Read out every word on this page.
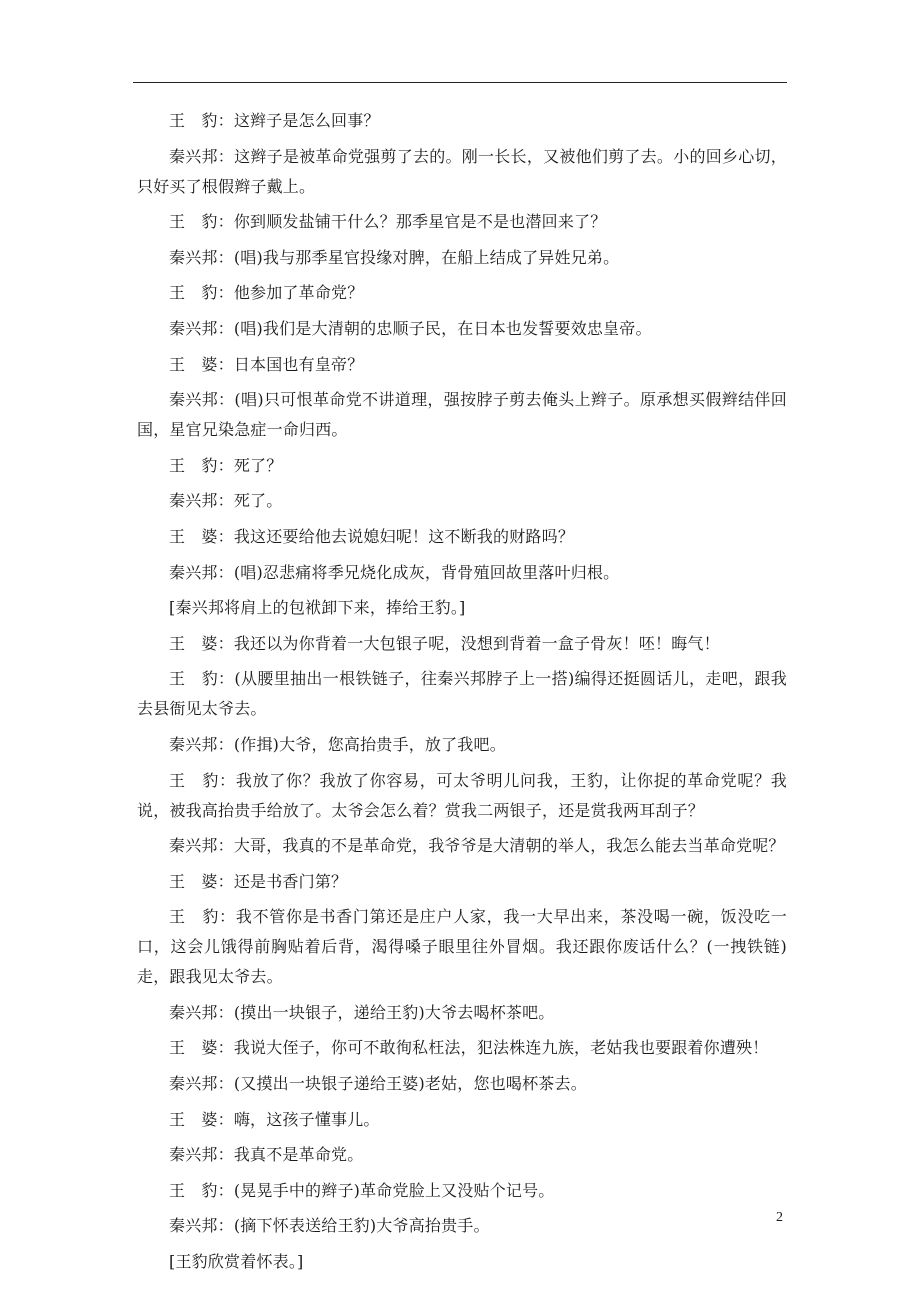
王　豹：这辫子是怎么回事？

秦兴邦：这辫子是被革命党强剪了去的。刚一长长，又被他们剪了去。小的回乡心切，只好买了根假辫子戴上。

王　豹：你到顺发盐铺干什么？那季星官是不是也潜回来了？

秦兴邦：(唱)我与那季星官投缘对脾，在船上结成了异姓兄弟。

王　豹：他参加了革命党？

秦兴邦：(唱)我们是大清朝的忠顺子民，在日本也发誓要效忠皇帝。

王　婆：日本国也有皇帝？

秦兴邦：(唱)只可恨革命党不讲道理，强按脖子剪去俺头上辫子。原承想买假辫结伴回国，星官兄染急症一命归西。

王　豹：死了？

秦兴邦：死了。

王　婆：我这还要给他去说媳妇呢！这不断我的财路吗？

秦兴邦：(唱)忍悲痛将季兄烧化成灰，背骨殖回故里落叶归根。

[秦兴邦将肩上的包袱卸下来，捧给王豹。]

王　婆：我还以为你背着一大包银子呢，没想到背着一盒子骨灰！呸！晦气！

王　豹：(从腰里抽出一根铁链子，往秦兴邦脖子上一搭)编得还挺圆话儿，走吧，跟我去县衙见太爷去。

秦兴邦：(作揖)大爷，您高抬贵手，放了我吧。

王　豹：我放了你？我放了你容易，可太爷明儿问我，王豹，让你捉的革命党呢？我说，被我高抬贵手给放了。太爷会怎么着？赏我二两银子，还是赏我两耳刮子？

秦兴邦：大哥，我真的不是革命党，我爷爷是大清朝的举人，我怎么能去当革命党呢？

王　婆：还是书香门第？

王　豹：我不管你是书香门第还是庄户人家，我一大早出来，茶没喝一碗，饭没吃一口，这会儿饿得前胸贴着后背，渴得嗓子眼里往外冒烟。我还跟你废话什么？(一拽铁链)走，跟我见太爷去。

秦兴邦：(摸出一块银子，递给王豹)大爷去喝杯茶吧。

王　婆：我说大侄子，你可不敢徇私枉法，犯法株连九族，老姑我也要跟着你遭殃！

秦兴邦：(又摸出一块银子递给王婆)老姑，您也喝杯茶去。

王　婆：嗨，这孩子懂事儿。

秦兴邦：我真不是革命党。

王　豹：(晃晃手中的辫子)革命党脸上又没贴个记号。

秦兴邦：(摘下怀表送给王豹)大爷高抬贵手。

[王豹欣赏着怀表。]

2
